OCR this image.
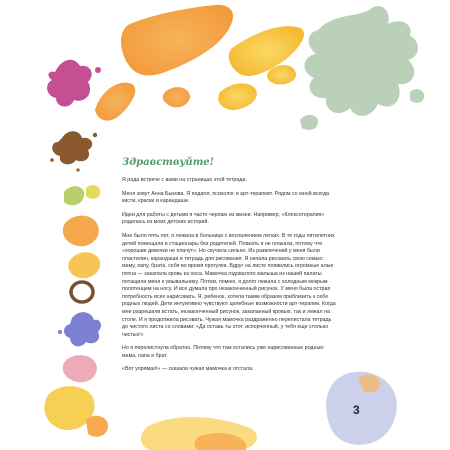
Здравствуйте!

Я рада встрече с вами на страницах этой тетради.

Меня зовут Анна Быкова. Я педагог, психолог и арт-терапевт. Рядом со мной всегда кисти, краски и карандаши.

Идеи для работы с детьми я часто черпаю из жизни. Например, «Клексотерапия» родилась из моих детских историй.

Мне было пять лет, я лежала в больнице с воспалением легких. В те годы пятилетних детей помещали в стационары без родителей. Плакать я не плакала, потому что «хорошие девочки не плачут». Но скучала сильно. Из развлечений у меня были пластилин, карандаши и тетрадь для рисования. Я начала рисовать свою семью: маму, папу, брата, себя во время прогулки. Вдруг на листе появились огромные алые пятна — закапала кровь из носа. Мамочка годовалого малыша из нашей палаты потащила меня к умывальнику. Потом, помню, я долго лежала с холодным мокрым полотенцем на носу. И все думала про незаконченный рисунок. У меня была острая потребность всех нарисовать. Я, ребенок, хотела таким образом приблизить к себе родных людей. Дети интуитивно чувствуют целебные возможности арт-терапии. Когда мне разрешили встать, незаконченный рисунок, закапанный кровью, так и лежал на столе. И я продолжила рисовать. Чужая мамочка раздраженно перелистала тетрадь до чистого листа со словами: «Да оставь ты этот, испорченный, у тебя еще столько чистых!»

Но я перелистнула обратно. Потому что там остались уже нарисованные родные: мама, папа и брат.

«Вот упрямая!» — сказала чужая мамочка и отстала.

3
